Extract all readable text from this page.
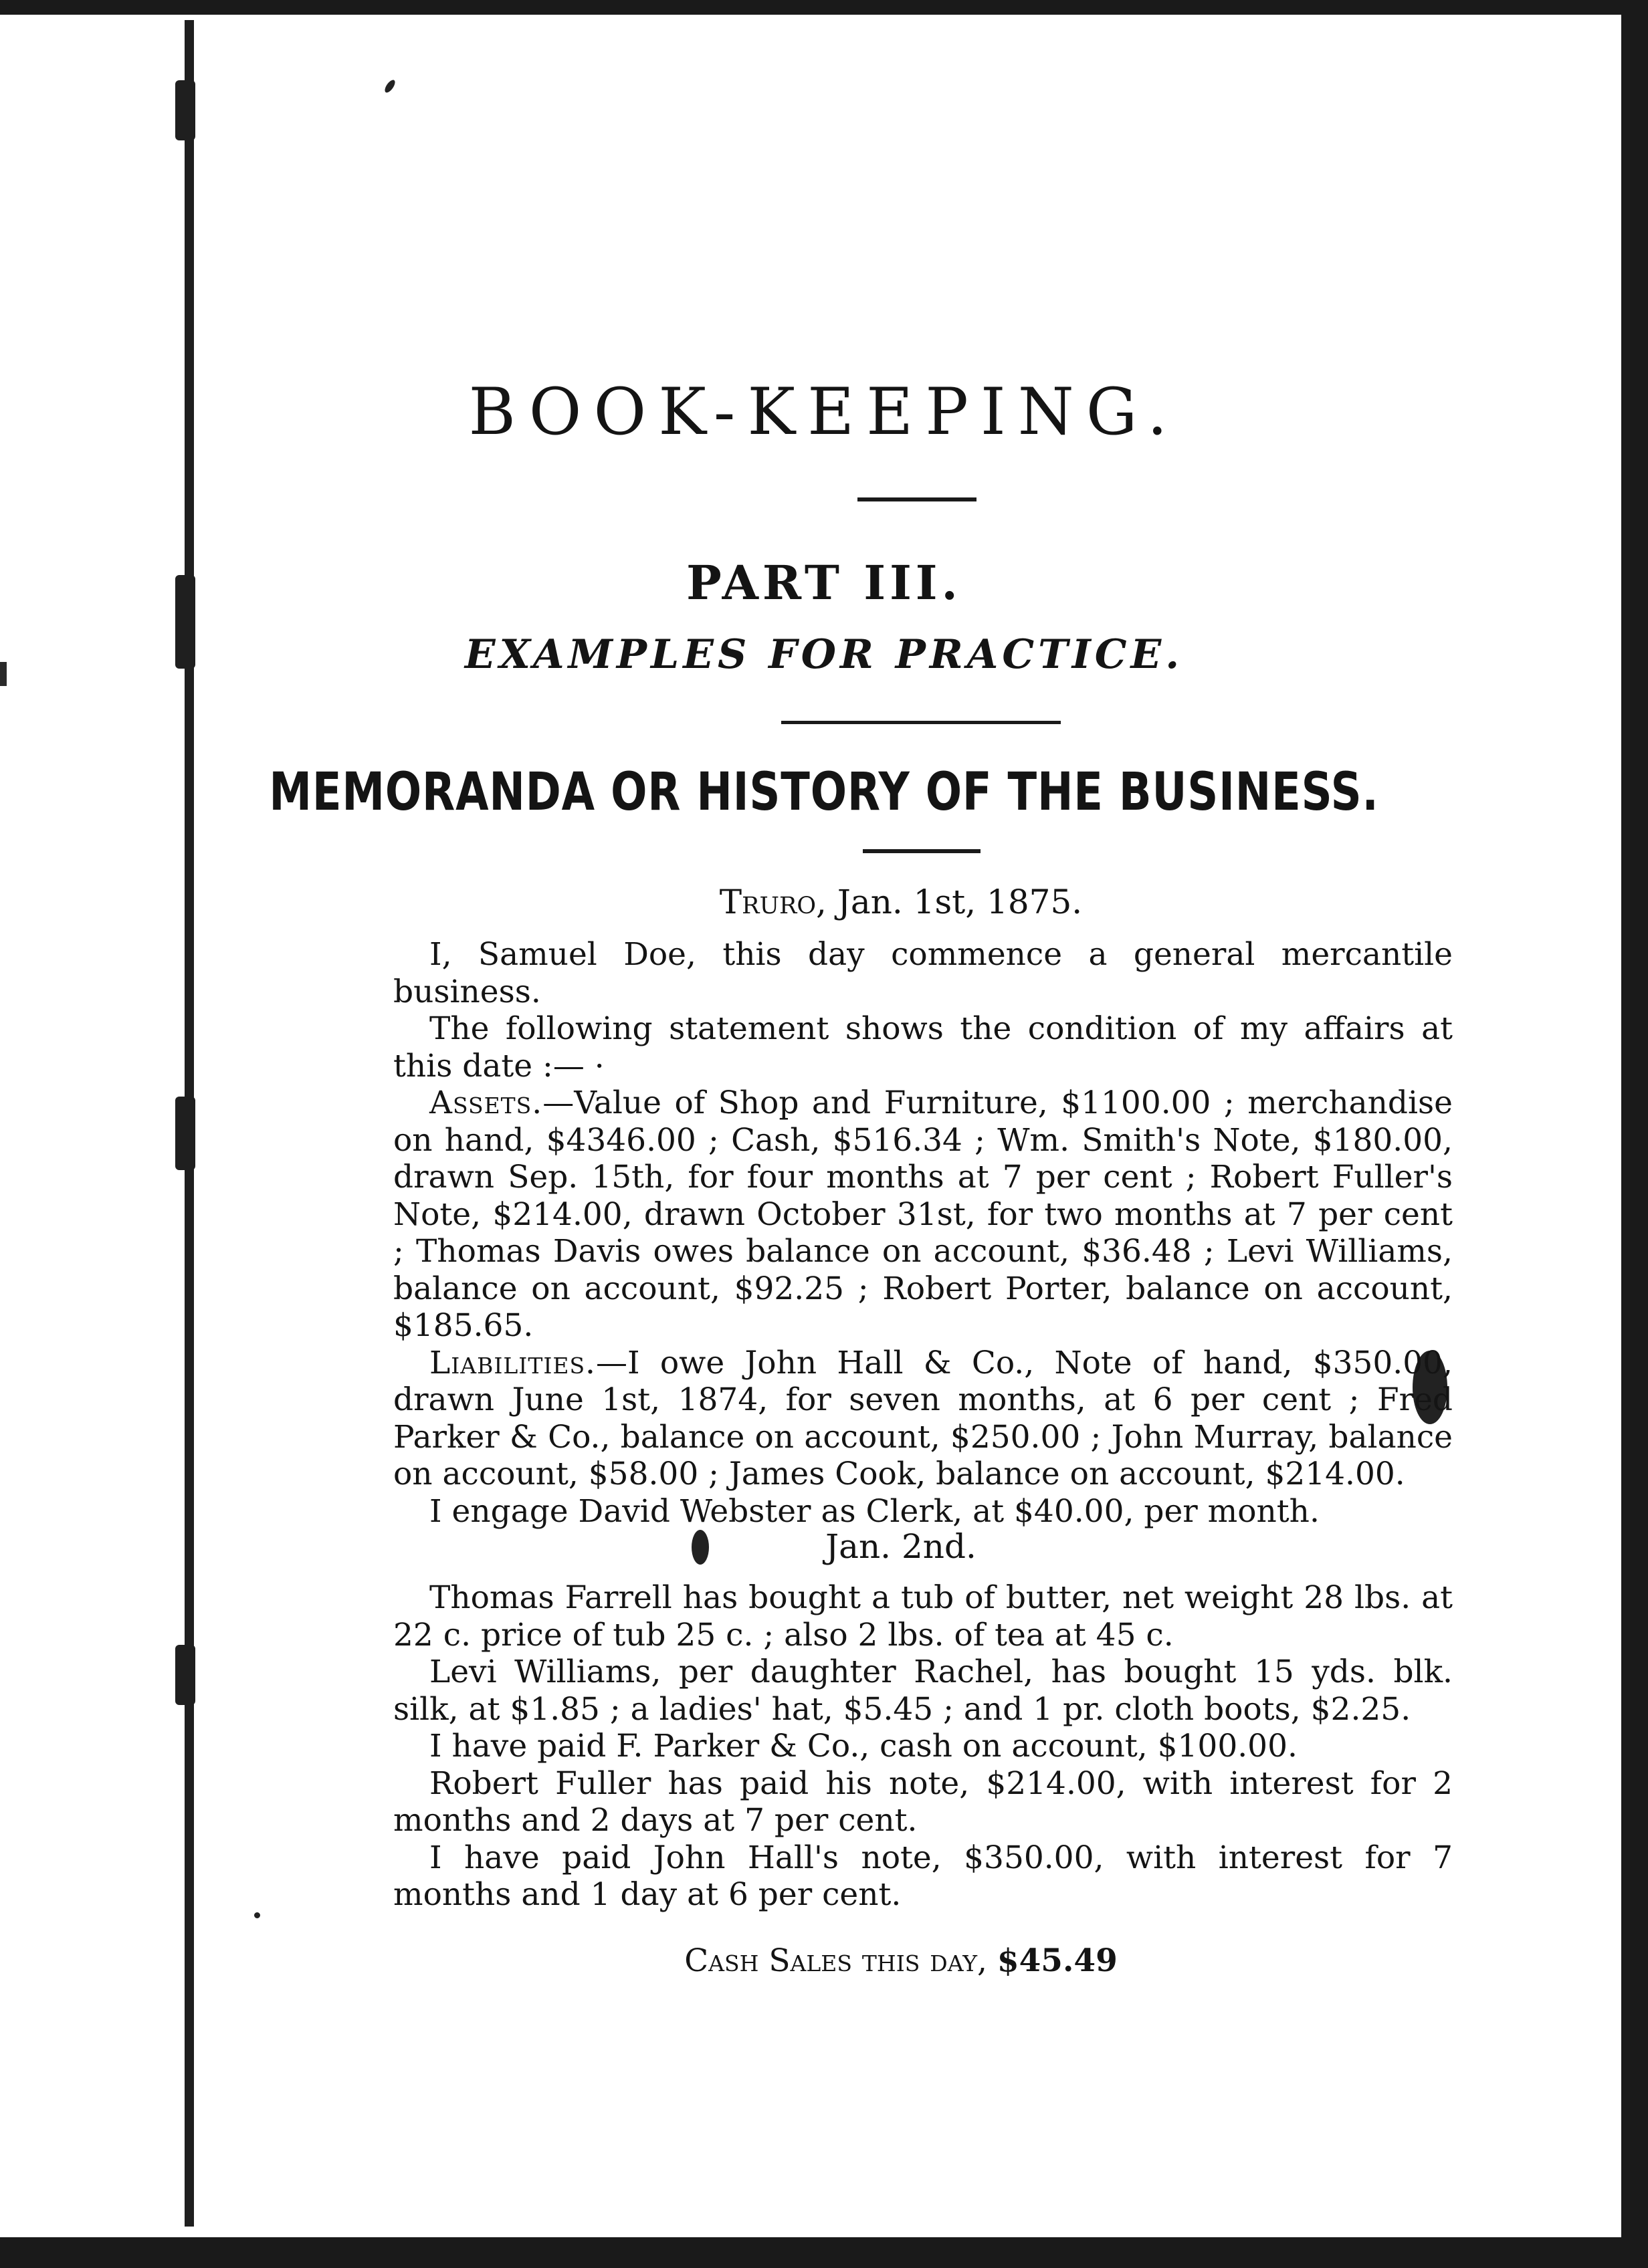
BOOK-KEEPING.
PART III.
EXAMPLES FOR PRACTICE.
MEMORANDA OR HISTORY OF THE BUSINESS.
Truro, Jan. 1st, 1875.

I, Samuel Doe, this day commence a general mercantile business.

The following statement shows the condition of my affairs at this date :— ·

Assets.—Value of Shop and Furniture, $1100.00 ; merchandise on hand, $4346.00 ; Cash, $516.34 ; Wm. Smith's Note, $180.00, drawn Sep. 15th, for four months at 7 per cent ; Robert Fuller's Note, $214.00, drawn October 31st, for two months at 7 per cent ; Thomas Davis owes balance on account, $36.48 ; Levi Williams, balance on account, $92.25 ; Robert Porter, balance on account, $185.65.

Liabilities.—I owe John Hall & Co., Note of hand, $350.00, drawn June 1st, 1874, for seven months, at 6 per cent ; Fred Parker & Co., balance on account, $250.00 ; John Murray, balance on account, $58.00 ; James Cook, balance on account, $214.00.

I engage David Webster as Clerk, at $40.00, per month.

Jan. 2nd.

Thomas Farrell has bought a tub of butter, net weight 28 lbs. at 22 c. price of tub 25 c. ; also 2 lbs. of tea at 45 c.

Levi Williams, per daughter Rachel, has bought 15 yds. blk. silk, at $1.85 ; a ladies' hat, $5.45 ; and 1 pr. cloth boots, $2.25.

I have paid F. Parker & Co., cash on account, $100.00.

Robert Fuller has paid his note, $214.00, with interest for 2 months and 2 days at 7 per cent.

I have paid John Hall's note, $350.00, with interest for 7 months and 1 day at 6 per cent.

Cash Sales this day, $45.49
